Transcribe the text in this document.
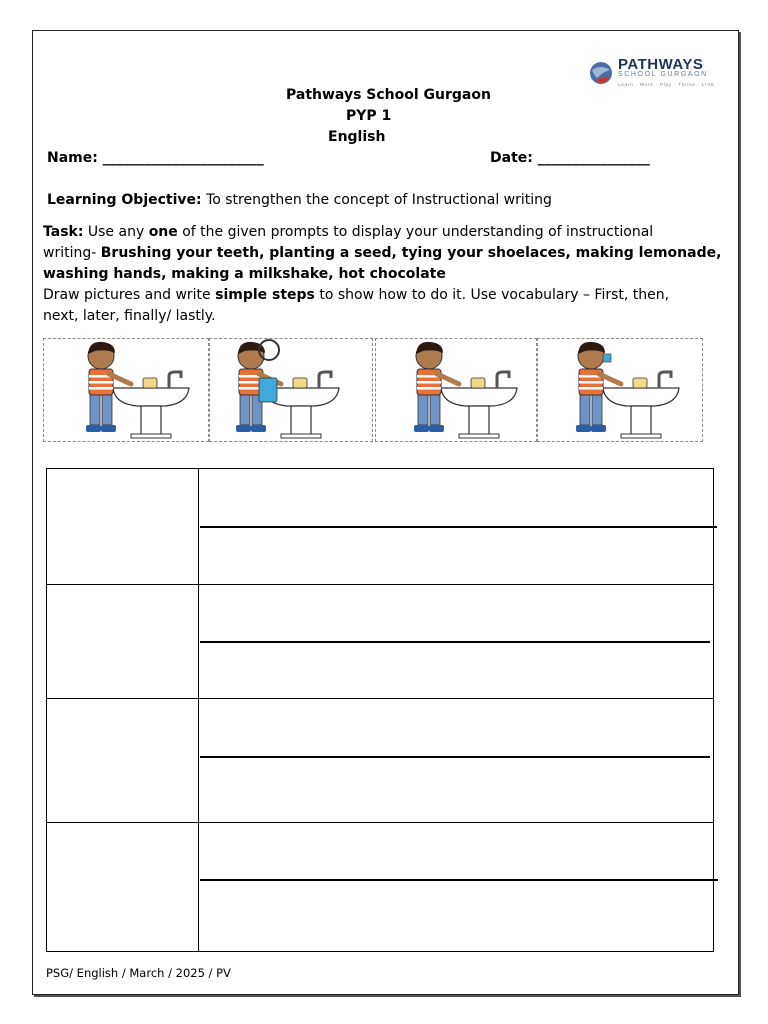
PATHWAYS
SCHOOL GURGAON
Learn · Work · Play · Thrive · LIVE
Pathways School Gurgaon
PYP 1
English
Name: _______________________	Date: ________________
Learning Objective: To strengthen the concept of Instructional writing
Task: Use any one of the given prompts to display your understanding of instructional
writing- Brushing your teeth, planting a seed, tying your shoelaces, making lemonade,
washing hands, making a milkshake, hot chocolate
Draw pictures and write simple steps to show how to do it. Use vocabulary – First, then,
next, later, finally/ lastly.
PSG/ English / March / 2025 / PV
